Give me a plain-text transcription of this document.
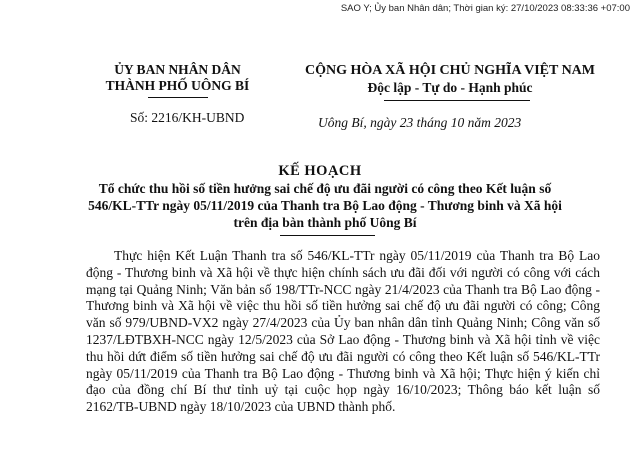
SAO Y; Ủy ban Nhân dân; Thời gian ký: 27/10/2023 08:33:36 +07:00
ỦY BAN NHÂN DÂN
THÀNH PHỐ UÔNG BÍ
CỘNG HÒA XÃ HỘI CHỦ NGHĨA VIỆT NAM
Độc lập - Tự do - Hạnh phúc
Số: 2216/KH-UBND	Uông Bí, ngày 23 tháng 10 năm 2023
KẾ HOẠCH
Tổ chức thu hồi số tiền hưởng sai chế độ ưu đãi người có công theo Kết luận số 546/KL-TTr ngày 05/11/2019 của Thanh tra Bộ Lao động - Thương binh và Xã hội trên địa bàn thành phố Uông Bí

Thực hiện Kết Luận Thanh tra số 546/KL-TTr ngày 05/11/2019 của Thanh tra Bộ Lao động - Thương binh và Xã hội về thực hiện chính sách ưu đãi đối với người có công với cách mạng tại Quảng Ninh; Văn bản số 198/TTr-NCC ngày 21/4/2023 của Thanh tra Bộ Lao động - Thương binh và Xã hội về việc thu hồi số tiền hưởng sai chế độ ưu đãi người có công; Công văn số 979/UBND-VX2 ngày 27/4/2023 của Ủy ban nhân dân tỉnh Quảng Ninh; Công văn số 1237/LĐTBXH-NCC ngày 12/5/2023 của Sở Lao động - Thương binh và Xã hội tỉnh về việc thu hồi dứt điểm số tiền hưởng sai chế độ ưu đãi người có công theo Kết luận số 546/KL-TTr ngày 05/11/2019 của Thanh tra Bộ Lao động - Thương binh và Xã hội; Thực hiện ý kiến chỉ đạo của đồng chí Bí thư tỉnh uỷ tại cuộc họp ngày 16/10/2023; Thông báo kết luận số 2162/TB-UBND ngày 18/10/2023 của UBND thành phố.
